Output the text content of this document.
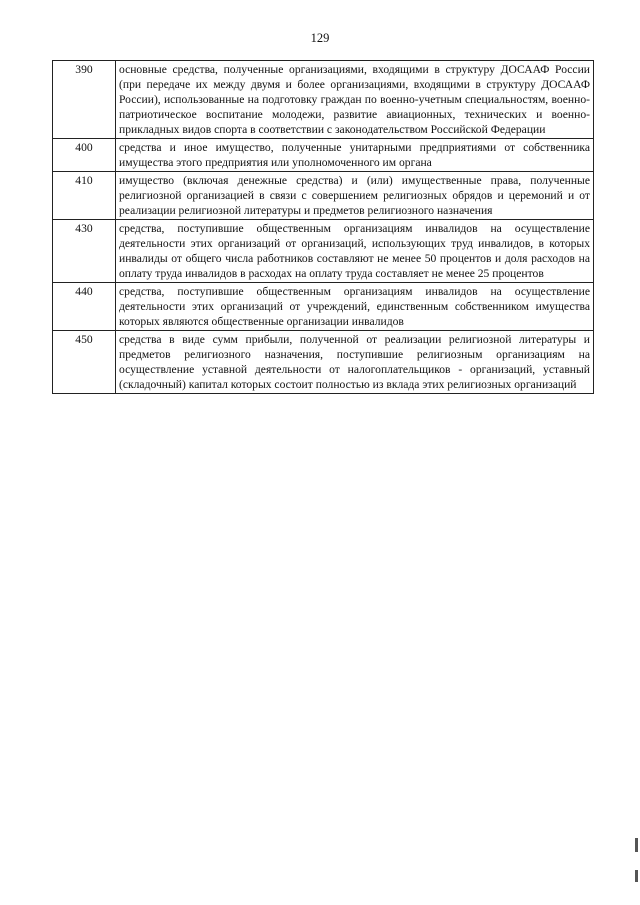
129
390	основные средства, полученные организациями, входящими в структуру ДОСААФ России (при передаче их между двумя и более организациями, входящими в структуру ДОСААФ России), использованные на подготовку граждан по военно-учетным специальностям, военно-патриотическое воспитание молодежи, развитие авиационных, технических и военно-прикладных видов спорта в соответствии с законодательством Российской Федерации
400	средства и иное имущество, полученные унитарными предприятиями от собственника имущества этого предприятия или уполномоченного им органа
410	имущество (включая денежные средства) и (или) имущественные права, полученные религиозной организацией в связи с совершением религиозных обрядов и церемоний и от реализации религиозной литературы и предметов религиозного назначения
430	средства, поступившие общественным организациям инвалидов на осуществление деятельности этих организаций от организаций, использующих труд инвалидов, в которых инвалиды от общего числа работников составляют не менее 50 процентов и доля расходов на оплату труда инвалидов в расходах на оплату труда составляет не менее 25 процентов
440	средства, поступившие общественным организациям инвалидов на осуществление деятельности этих организаций от учреждений, единственным собственником имущества которых являются общественные организации инвалидов
450	средства в виде сумм прибыли, полученной от реализации религиозной литературы и предметов религиозного назначения, поступившие религиозным организациям на осуществление уставной деятельности от налогоплательщиков - организаций, уставный (складочный) капитал которых состоит полностью из вклада этих религиозных организаций
